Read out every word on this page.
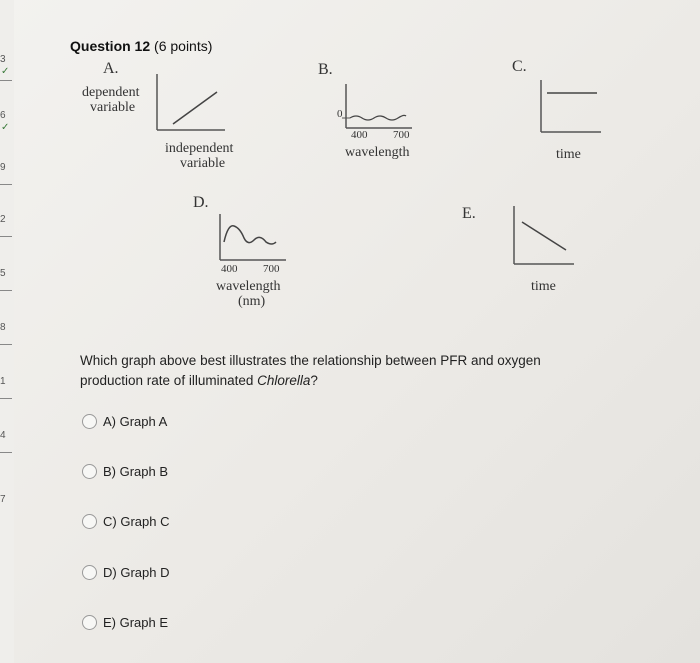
3
✓
6
✓
9
2
5
8
1
4
7
Question 12 (6 points)
A.
dependent
variable
independent
variable
B.
0
400 700
wavelength
C.
time
D.
400 700
wavelength
(nm)
E.
time
Which graph above best illustrates the relationship between PFR and oxygen production rate of illuminated Chlorella?
A) Graph A
B) Graph B
C) Graph C
D) Graph D
E) Graph E
